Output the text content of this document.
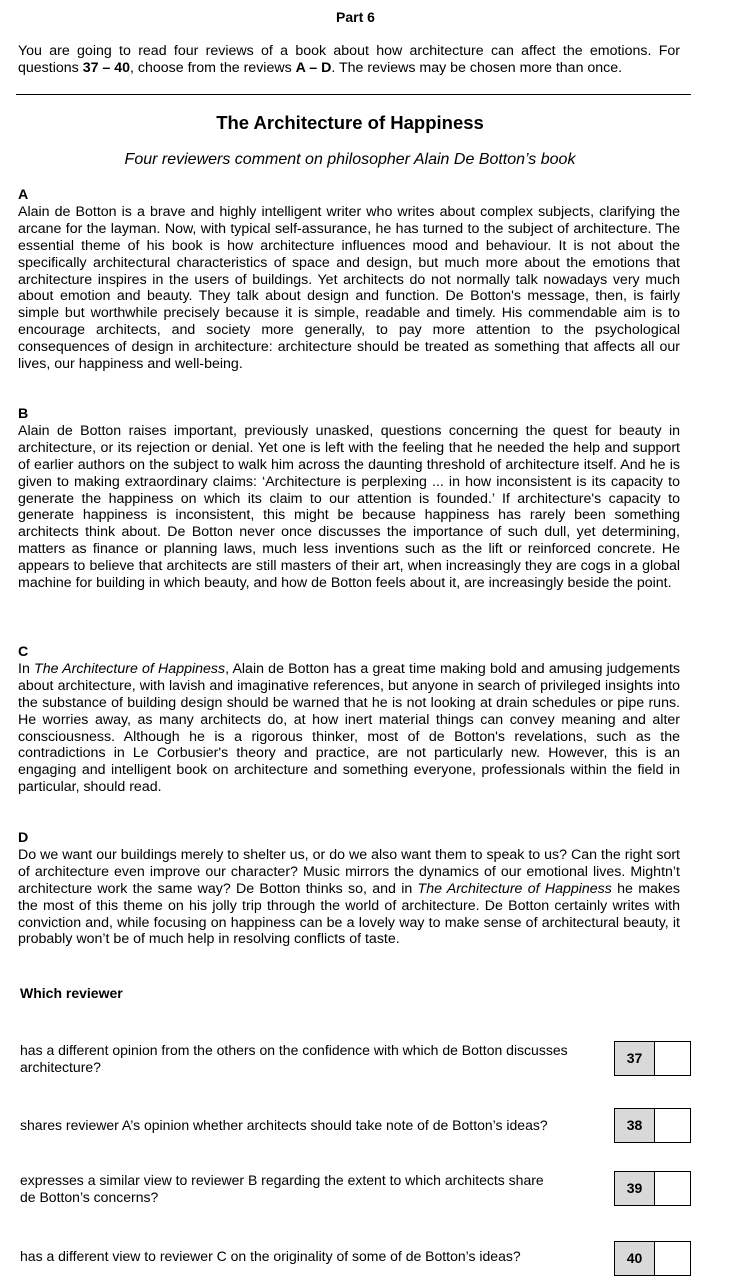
Part 6
You are going to read four reviews of a book about how architecture can affect the emotions. For questions 37 – 40, choose from the reviews A – D. The reviews may be chosen more than once.
The Architecture of Happiness
Four reviewers comment on philosopher Alain De Botton’s book
A
Alain de Botton is a brave and highly intelligent writer who writes about complex subjects, clarifying the arcane for the layman. Now, with typical self-assurance, he has turned to the subject of architecture. The essential theme of his book is how architecture influences mood and behaviour. It is not about the specifically architectural characteristics of space and design, but much more about the emotions that architecture inspires in the users of buildings. Yet architects do not normally talk nowadays very much about emotion and beauty. They talk about design and function. De Botton's message, then, is fairly simple but worthwhile precisely because it is simple, readable and timely. His commendable aim is to encourage architects, and society more generally, to pay more attention to the psychological consequences of design in architecture: architecture should be treated as something that affects all our lives, our happiness and well-being.
B
Alain de Botton raises important, previously unasked, questions concerning the quest for beauty in architecture, or its rejection or denial. Yet one is left with the feeling that he needed the help and support of earlier authors on the subject to walk him across the daunting threshold of architecture itself. And he is given to making extraordinary claims: ‘Architecture is perplexing ... in how inconsistent is its capacity to generate the happiness on which its claim to our attention is founded.’ If architecture's capacity to generate happiness is inconsistent, this might be because happiness has rarely been something architects think about. De Botton never once discusses the importance of such dull, yet determining, matters as finance or planning laws, much less inventions such as the lift or reinforced concrete. He appears to believe that architects are still masters of their art, when increasingly they are cogs in a global machine for building in which beauty, and how de Botton feels about it, are increasingly beside the point.
C
In The Architecture of Happiness, Alain de Botton has a great time making bold and amusing judgements about architecture, with lavish and imaginative references, but anyone in search of privileged insights into the substance of building design should be warned that he is not looking at drain schedules or pipe runs. He worries away, as many architects do, at how inert material things can convey meaning and alter consciousness. Although he is a rigorous thinker, most of de Botton's revelations, such as the contradictions in Le Corbusier's theory and practice, are not particularly new. However, this is an engaging and intelligent book on architecture and something everyone, professionals within the field in particular, should read.
D
Do we want our buildings merely to shelter us, or do we also want them to speak to us? Can the right sort of architecture even improve our character? Music mirrors the dynamics of our emotional lives. Mightn’t architecture work the same way? De Botton thinks so, and in The Architecture of Happiness he makes the most of this theme on his jolly trip through the world of architecture. De Botton certainly writes with conviction and, while focusing on happiness can be a lovely way to make sense of architectural beauty, it probably won’t be of much help in resolving conflicts of taste.
Which reviewer
has a different opinion from the others on the confidence with which de Botton discusses architecture?
37
shares reviewer A’s opinion whether architects should take note of de Botton’s ideas?	38
expresses a similar view to reviewer B regarding the extent to which architects share
de Botton’s concerns?
39
has a different view to reviewer C on the originality of some of de Botton’s ideas?	40
